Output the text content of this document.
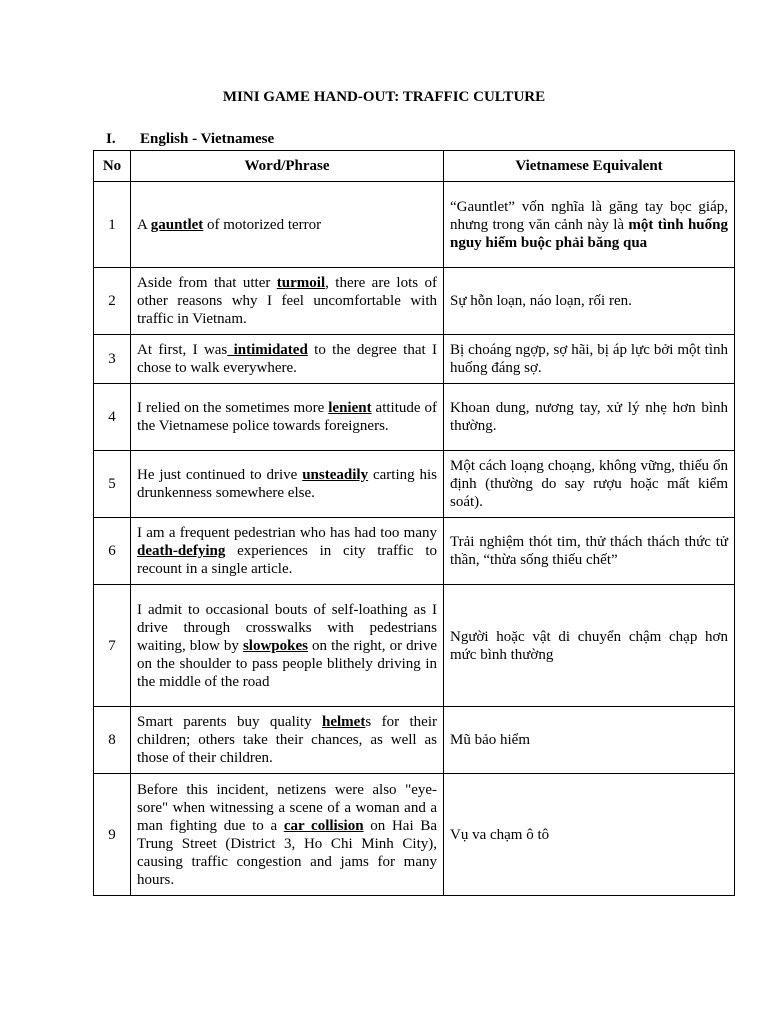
MINI GAME HAND-OUT: TRAFFIC CULTURE
I. English - Vietnamese
No	Word/Phrase	Vietnamese Equivalent
1	A gauntlet of motorized terror	“Gauntlet” vốn nghĩa là găng tay bọc giáp, nhưng trong văn cảnh này là một tình huống nguy hiểm buộc phải băng qua
2	Aside from that utter turmoil, there are lots of other reasons why I feel uncomfortable with traffic in Vietnam.	Sự hỗn loạn, náo loạn, rối ren.
3	At first, I was intimidated to the degree that I chose to walk everywhere.	Bị choáng ngợp, sợ hãi, bị áp lực bởi một tình huống đáng sợ.
4	I relied on the sometimes more lenient attitude of the Vietnamese police towards foreigners.	Khoan dung, nương tay, xử lý nhẹ hơn bình thường.
5	He just continued to drive unsteadily carting his drunkenness somewhere else.	Một cách loạng choạng, không vững, thiếu ổn định (thường do say rượu hoặc mất kiểm soát).
6	I am a frequent pedestrian who has had too many death-defying experiences in city traffic to recount in a single article.	Trải nghiệm thót tim, thử thách thách thức tử thần, “thừa sống thiếu chết”
7	I admit to occasional bouts of self-loathing as I drive through crosswalks with pedestrians waiting, blow by slowpokes on the right, or drive on the shoulder to pass people blithely driving in the middle of the road	Người hoặc vật di chuyển chậm chạp hơn mức bình thường
8	Smart parents buy quality helmets for their children; others take their chances, as well as those of their children.	Mũ bảo hiểm
9	Before this incident, netizens were also "eye-sore" when witnessing a scene of a woman and a man fighting due to a car collision on Hai Ba Trung Street (District 3, Ho Chi Minh City), causing traffic congestion and jams for many hours.	Vụ va chạm ô tô
